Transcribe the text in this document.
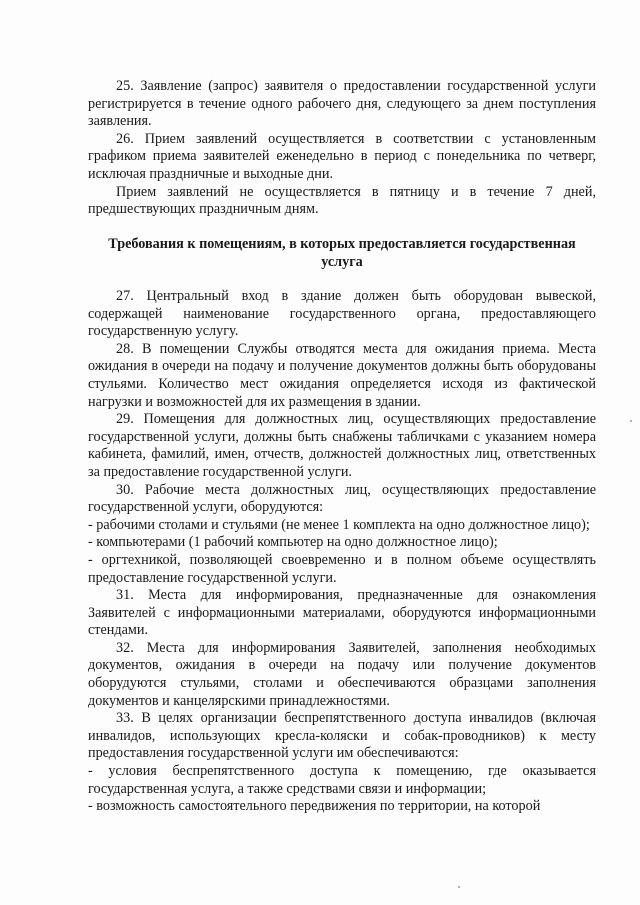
25. Заявление (запрос) заявителя о предоставлении государственной услуги регистрируется в течение одного рабочего дня, следующего за днем поступления заявления.

26. Прием заявлений осуществляется в соответствии с установленным графиком приема заявителей еженедельно в период с понедельника по четверг, исключая праздничные и выходные дни.

Прием заявлений не осуществляется в пятницу и в течение 7 дней, предшествующих праздничным дням.

Требования к помещениям, в которых предоставляется государственная услуга

27. Центральный вход в здание должен быть оборудован вывеской, содержащей наименование государственного органа, предоставляющего государственную услугу.

28. В помещении Службы отводятся места для ожидания приема. Места ожидания в очереди на подачу и получение документов должны быть оборудованы стульями. Количество мест ожидания определяется исходя из фактической нагрузки и возможностей для их размещения в здании.

29. Помещения для должностных лиц, осуществляющих предоставление государственной услуги, должны быть снабжены табличками с указанием номера кабинета, фамилий, имен, отчеств, должностей должностных лиц, ответственных за предоставление государственной услуги.

30. Рабочие места должностных лиц, осуществляющих предоставление государственной услуги, оборудуются:

- рабочими столами и стульями (не менее 1 комплекта на одно должностное лицо);

- компьютерами (1 рабочий компьютер на одно должностное лицо);

- оргтехникой, позволяющей своевременно и в полном объеме осуществлять предоставление государственной услуги.

31. Места для информирования, предназначенные для ознакомления Заявителей с информационными материалами, оборудуются информационными стендами.

32. Места для информирования Заявителей, заполнения необходимых документов, ожидания в очереди на подачу или получение документов оборудуются стульями, столами и обеспечиваются образцами заполнения документов и канцелярскими принадлежностями.

33. В целях организации беспрепятственного доступа инвалидов (включая инвалидов, использующих кресла-коляски и собак-проводников) к месту предоставления государственной услуги им обеспечиваются:

- условия беспрепятственного доступа к помещению, где оказывается государственная услуга, а также средствами связи и информации;

- возможность самостоятельного передвижения по территории, на которой
